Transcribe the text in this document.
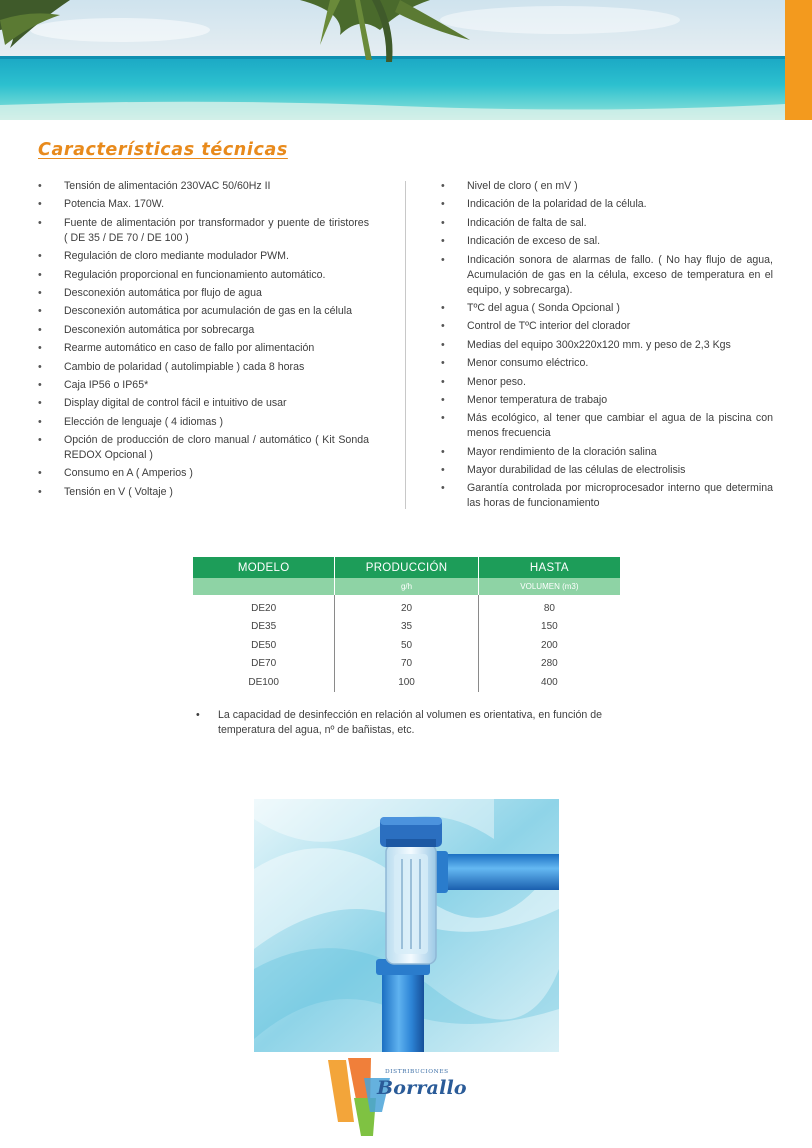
Características técnicas
• Tensión de alimentación 230VAC 50/60Hz II
• Potencia Max. 170W.
• Fuente de alimentación por transformador y puente de tiristores ( DE 35 / DE 70 / DE 100 )
• Regulación de cloro mediante modulador PWM.
• Regulación proporcional en funcionamiento automático.
• Desconexión automática por flujo de agua
• Desconexión automática por acumulación de gas en la célula
• Desconexión automática por sobrecarga
• Rearme automático en caso de fallo por alimentación
• Cambio de polaridad ( autolimpiable ) cada 8 horas
• Caja IP56 o IP65*
• Display digital de control fácil e intuitivo de usar
• Elección de lenguaje ( 4 idiomas )
• Opción de producción de cloro manual / automático ( Kit Sonda REDOX Opcional )
• Consumo en A ( Amperios )
• Tensión en V ( Voltaje )
• Nivel de cloro ( en mV )
• Indicación de la polaridad de la célula.
• Indicación de falta de sal.
• Indicación de exceso de sal.
• Indicación sonora de alarmas de fallo. ( No hay flujo de agua, Acumulación de gas en la célula, exceso de temperatura en el equipo, y sobrecarga).
• TºC del agua ( Sonda Opcional )
• Control de TºC interior del clorador
• Medias del equipo 300x220x120 mm. y peso de 2,3 Kgs
• Menor consumo eléctrico.
• Menor peso.
• Menor temperatura de trabajo
• Más ecológico, al tener que cambiar el agua de la piscina con menos frecuencia
• Mayor rendimiento de la cloración salina
• Mayor durabilidad de las células de electrolisis
• Garantía controlada por microprocesador interno que determina las horas de funcionamiento
MODELO	PRODUCCIÓN	HASTA
	g/h	VOLUMEN (m3)
DE20	20	80
DE35	35	150
DE50	50	200
DE70	70	280
DE100	100	400
• La capacidad de desinfección en relación al volumen es orientativa, en función de temperatura del agua, nº de bañistas, etc.
DISTRIBUCIONES
Borrallo
